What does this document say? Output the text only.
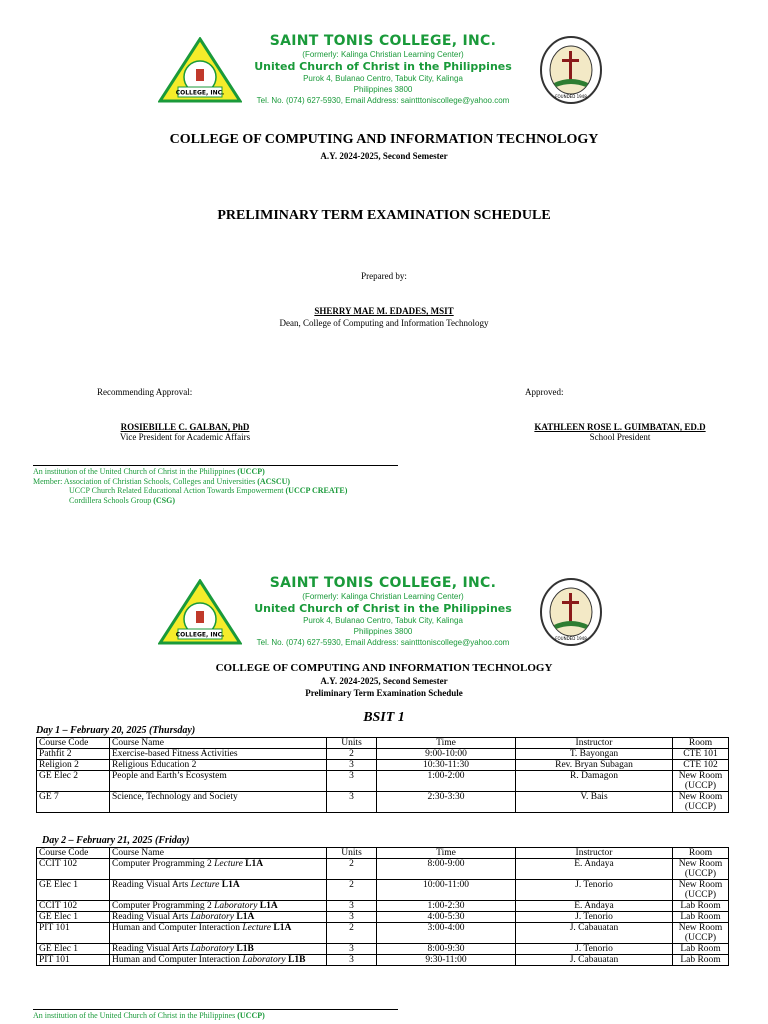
COLLEGE, INC.
SAINT TONIS COLLEGE, INC.
(Formerly: Kalinga Christian Learning Center)
United Church of Christ in the Philippines
Purok 4, Bulanao Centro, Tabuk City, Kalinga
Philippines 3800
Tel. No. (074) 627-5930, Email Address: saintttoniscollege@yahoo.com	FOUNDED 1948
COLLEGE OF COMPUTING AND INFORMATION TECHNOLOGY
A.Y. 2024-2025, Second Semester
PRELIMINARY TERM EXAMINATION SCHEDULE
Prepared by:
SHERRY MAE M. EDADES, MSIT
Dean, College of Computing and Information Technology
Recommending Approval:	Approved:
ROSIEBILLE C. GALBAN, PhD
Vice President for Academic Affairs
KATHLEEN ROSE L. GUIMBATAN, ED.D
School President
An institution of the United Church of Christ in the Philippines (UCCP)
Member: Association of Christian Schools, Colleges and Universities (ACSCU)
UCCP Church Related Educational Action Towards Empowerment (UCCP CREATE)
Cordillera Schools Group (CSG)
COLLEGE, INC.
SAINT TONIS COLLEGE, INC.
(Formerly: Kalinga Christian Learning Center)
United Church of Christ in the Philippines
Purok 4, Bulanao Centro, Tabuk City, Kalinga
Philippines 3800
Tel. No. (074) 627-5930, Email Address: saintttoniscollege@yahoo.com	FOUNDED 1948
COLLEGE OF COMPUTING AND INFORMATION TECHNOLOGY
A.Y. 2024-2025, Second Semester
Preliminary Term Examination Schedule
BSIT 1
Day 1 – February 20, 2025 (Thursday)
Course Code	Course Name	Units	Time	Instructor	Room
Pathfit 2	Exercise-based Fitness Activities	2	9:00-10:00	T. Bayongan	CTE 101
Religion 2	Religious Education 2	3	10:30-11:30	Rev. Bryan Subagan	CTE 102
GE Elec 2	People and Earth’s Ecosystem	3	1:00-2:00	R. Damagon	New Room (UCCP)
GE 7	Science, Technology and Society	3	2:30-3:30	V. Bais	New Room (UCCP)
Day 2 – February 21, 2025 (Friday)
Course Code	Course Name	Units	Time	Instructor	Room
CCIT 102	Computer Programming 2 Lecture L1A	2	8:00-9:00	E. Andaya	New Room (UCCP)
GE Elec 1	Reading Visual Arts Lecture L1A	2	10:00-11:00	J. Tenorio	New Room (UCCP)
CCIT 102	Computer Programming 2 Laboratory L1A	3	1:00-2:30	E. Andaya	Lab Room
GE Elec 1	Reading Visual Arts Laboratory L1A	3	4:00-5:30	J. Tenorio	Lab Room
PIT 101	Human and Computer Interaction Lecture L1A	2	3:00-4:00	J. Cabauatan	New Room (UCCP)
GE Elec 1	Reading Visual Arts Laboratory L1B	3	8:00-9:30	J. Tenorio	Lab Room
PIT 101	Human and Computer Interaction Laboratory L1B	3	9:30-11:00	J. Cabauatan	Lab Room
An institution of the United Church of Christ in the Philippines (UCCP)
